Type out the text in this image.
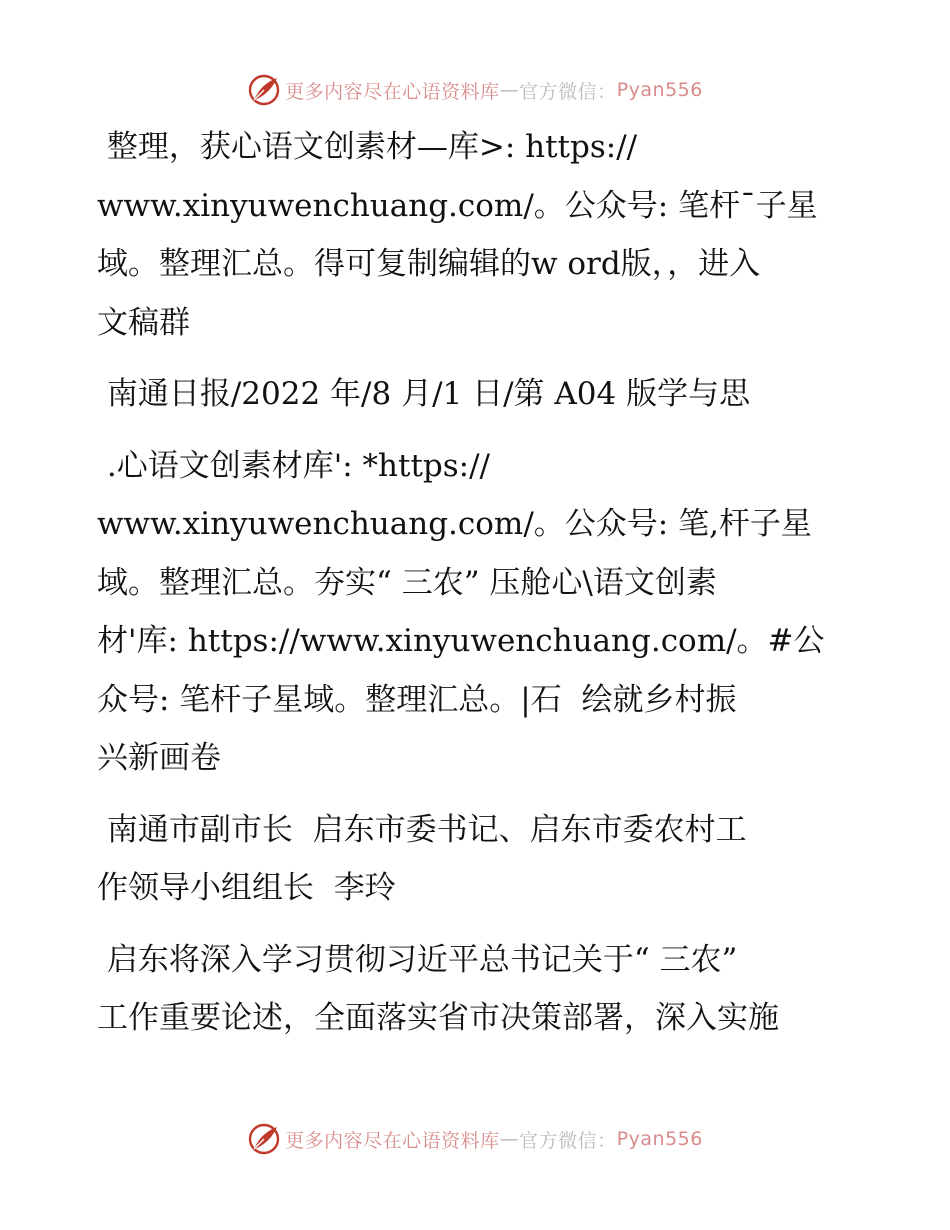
更多内容尽在心语资料库 — 官方微信： Pyan556

整理，获心语文创素材—库>: https://
www.xinyuwenchuang.com/。公众号: 笔杆¯子星
域。整理汇总。得可复制编辑的w ord版，，进入
文稿群

南通日报/2022 年/8 月/1 日/第 A04 版学与思

.心语文创素材库': *https://
www.xinyuwenchuang.com/。公众号: 笔,杆子星
域。整理汇总。夯实“ 三农” 压舱心\语文创素
材'库: https://www.xinyuwenchuang.com/。#公
众号: 笔杆子星域。整理汇总。|石  绘就乡村振
兴新画卷

南通市副市长  启东市委书记、启东市委农村工
作领导小组组长  李玲

启东将深入学习贯彻习近平总书记关于“ 三农”
工作重要论述，全面落实省市决策部署，深入实施

更多内容尽在心语资料库 — 官方微信： Pyan556
